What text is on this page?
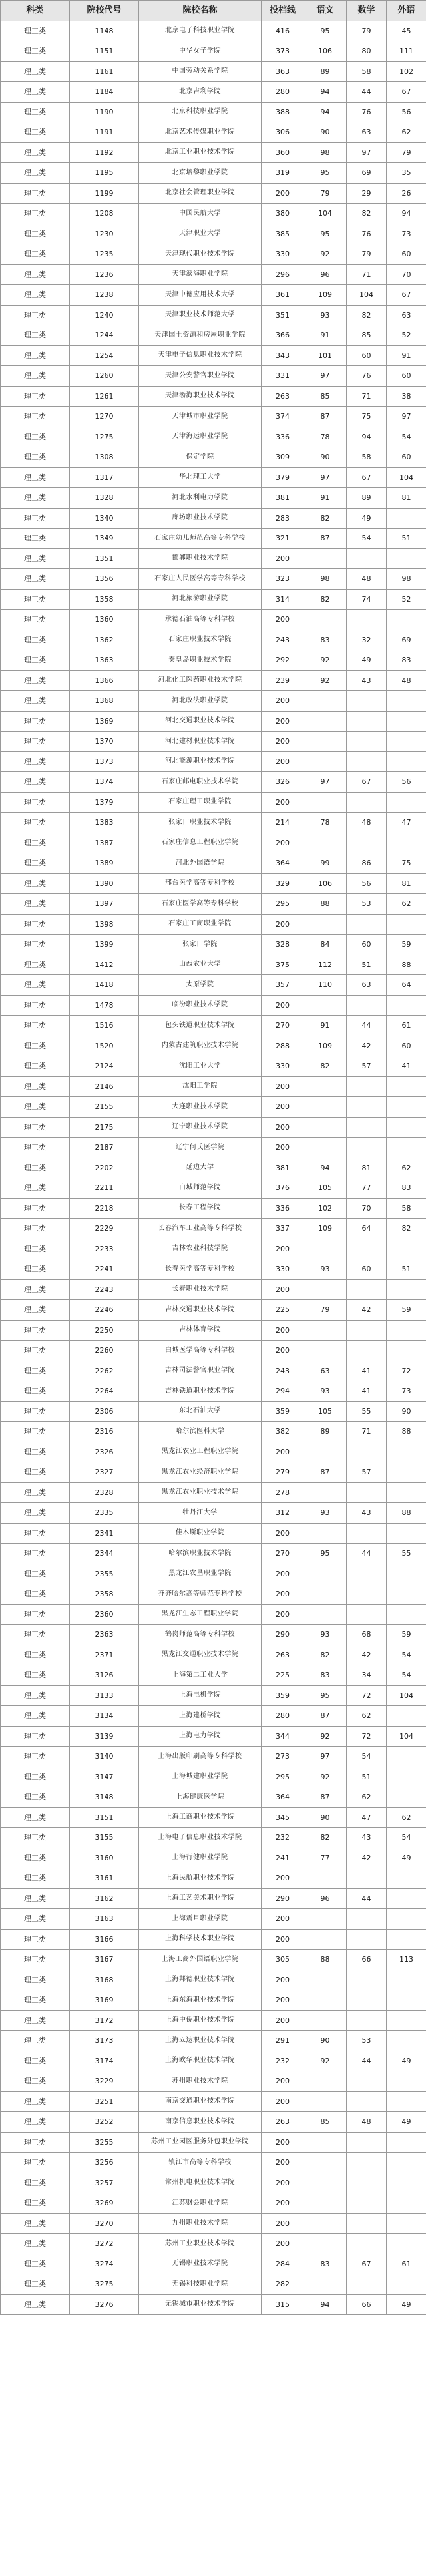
科类	院校代号	院校名称	投档线	语文	数学	外语
理工类	1148	北京电子科技职业学院	416	95	79	45
理工类	1151	中华女子学院	373	106	80	111
理工类	1161	中国劳动关系学院	363	89	58	102
理工类	1184	北京吉利学院	280	94	44	67
理工类	1190	北京科技职业学院	388	94	76	56
理工类	1191	北京艺术传媒职业学院	306	90	63	62
理工类	1192	北京工业职业技术学院	360	98	97	79
理工类	1195	北京培黎职业学院	319	95	69	35
理工类	1199	北京社会管理职业学院	200	79	29	26
理工类	1208	中国民航大学	380	104	82	94
理工类	1230	天津职业大学	385	95	76	73
理工类	1235	天津现代职业技术学院	330	92	79	60
理工类	1236	天津滨海职业学院	296	96	71	70
理工类	1238	天津中德应用技术大学	361	109	104	67
理工类	1240	天津职业技术师范大学	351	93	82	63
理工类	1244	天津国土资源和房屋职业学院	366	91	85	52
理工类	1254	天津电子信息职业技术学院	343	101	60	91
理工类	1260	天津公安警官职业学院	331	97	76	60
理工类	1261	天津渤海职业技术学院	263	85	71	38
理工类	1270	天津城市职业学院	374	87	75	97
理工类	1275	天津海运职业学院	336	78	94	54
理工类	1308	保定学院	309	90	58	60
理工类	1317	华北理工大学	379	97	67	104
理工类	1328	河北水利电力学院	381	91	89	81
理工类	1340	廊坊职业技术学院	283	82	49	
理工类	1349	石家庄幼儿师范高等专科学校	321	87	54	51
理工类	1351	邯郸职业技术学院	200			
理工类	1356	石家庄人民医学高等专科学校	323	98	48	98
理工类	1358	河北旅游职业学院	314	82	74	52
理工类	1360	承德石油高等专科学校	200			
理工类	1362	石家庄职业技术学院	243	83	32	69
理工类	1363	秦皇岛职业技术学院	292	92	49	83
理工类	1366	河北化工医药职业技术学院	239	92	43	48
理工类	1368	河北政法职业学院	200			
理工类	1369	河北交通职业技术学院	200			
理工类	1370	河北建材职业技术学院	200			
理工类	1373	河北能源职业技术学院	200			
理工类	1374	石家庄邮电职业技术学院	326	97	67	56
理工类	1379	石家庄理工职业学院	200			
理工类	1383	张家口职业技术学院	214	78	48	47
理工类	1387	石家庄信息工程职业学院	200			
理工类	1389	河北外国语学院	364	99	86	75
理工类	1390	邢台医学高等专科学校	329	106	56	81
理工类	1397	石家庄医学高等专科学校	295	88	53	62
理工类	1398	石家庄工商职业学院	200			
理工类	1399	张家口学院	328	84	60	59
理工类	1412	山西农业大学	375	112	51	88
理工类	1418	太原学院	357	110	63	64
理工类	1478	临汾职业技术学院	200			
理工类	1516	包头铁道职业技术学院	270	91	44	61
理工类	1520	内蒙古建筑职业技术学院	288	109	42	60
理工类	2124	沈阳工业大学	330	82	57	41
理工类	2146	沈阳工学院	200			
理工类	2155	大连职业技术学院	200			
理工类	2175	辽宁职业技术学院	200			
理工类	2187	辽宁何氏医学院	200			
理工类	2202	延边大学	381	94	81	62
理工类	2211	白城师范学院	376	105	77	83
理工类	2218	长春工程学院	336	102	70	58
理工类	2229	长春汽车工业高等专科学校	337	109	64	82
理工类	2233	吉林农业科技学院	200			
理工类	2241	长春医学高等专科学校	330	93	60	51
理工类	2243	长春职业技术学院	200			
理工类	2246	吉林交通职业技术学院	225	79	42	59
理工类	2250	吉林体育学院	200			
理工类	2260	白城医学高等专科学校	200			
理工类	2262	吉林司法警官职业学院	243	63	41	72
理工类	2264	吉林铁道职业技术学院	294	93	41	73
理工类	2306	东北石油大学	359	105	55	90
理工类	2316	哈尔滨医科大学	382	89	71	88
理工类	2326	黑龙江农业工程职业学院	200			
理工类	2327	黑龙江农业经济职业学院	279	87	57	
理工类	2328	黑龙江农业职业技术学院	278			
理工类	2335	牡丹江大学	312	93	43	88
理工类	2341	佳木斯职业学院	200			
理工类	2344	哈尔滨职业技术学院	270	95	44	55
理工类	2355	黑龙江农垦职业学院	200			
理工类	2358	齐齐哈尔高等师范专科学校	200			
理工类	2360	黑龙江生态工程职业学院	200			
理工类	2363	鹤岗师范高等专科学校	290	93	68	59
理工类	2371	黑龙江交通职业技术学院	263	82	42	54
理工类	3126	上海第二工业大学	225	83	34	54
理工类	3133	上海电机学院	359	95	72	104
理工类	3134	上海建桥学院	280	87	62	
理工类	3139	上海电力学院	344	92	72	104
理工类	3140	上海出版印刷高等专科学校	273	97	54	
理工类	3147	上海城建职业学院	295	92	51	
理工类	3148	上海健康医学院	364	87	62	
理工类	3151	上海工商职业技术学院	345	90	47	62
理工类	3155	上海电子信息职业技术学院	232	82	43	54
理工类	3160	上海行健职业学院	241	77	42	49
理工类	3161	上海民航职业技术学院	200			
理工类	3162	上海工艺美术职业学院	290	96	44	
理工类	3163	上海震旦职业学院	200			
理工类	3166	上海科学技术职业学院	200			
理工类	3167	上海工商外国语职业学院	305	88	66	113
理工类	3168	上海邦德职业技术学院	200			
理工类	3169	上海东海职业技术学院	200			
理工类	3172	上海中侨职业技术学院	200			
理工类	3173	上海立达职业技术学院	291	90	53	
理工类	3174	上海欧华职业技术学院	232	92	44	49
理工类	3229	苏州职业技术学院	200			
理工类	3251	南京交通职业技术学院	200			
理工类	3252	南京信息职业技术学院	263	85	48	49
理工类	3255	苏州工业园区服务外包职业学院	200			
理工类	3256	镇江市高等专科学校	200			
理工类	3257	常州机电职业技术学院	200			
理工类	3269	江苏财会职业学院	200			
理工类	3270	九州职业技术学院	200			
理工类	3272	苏州工业职业技术学院	200			
理工类	3274	无锡职业技术学院	284	83	67	61
理工类	3275	无锡科技职业学院	282			
理工类	3276	无锡城市职业技术学院	315	94	66	49
